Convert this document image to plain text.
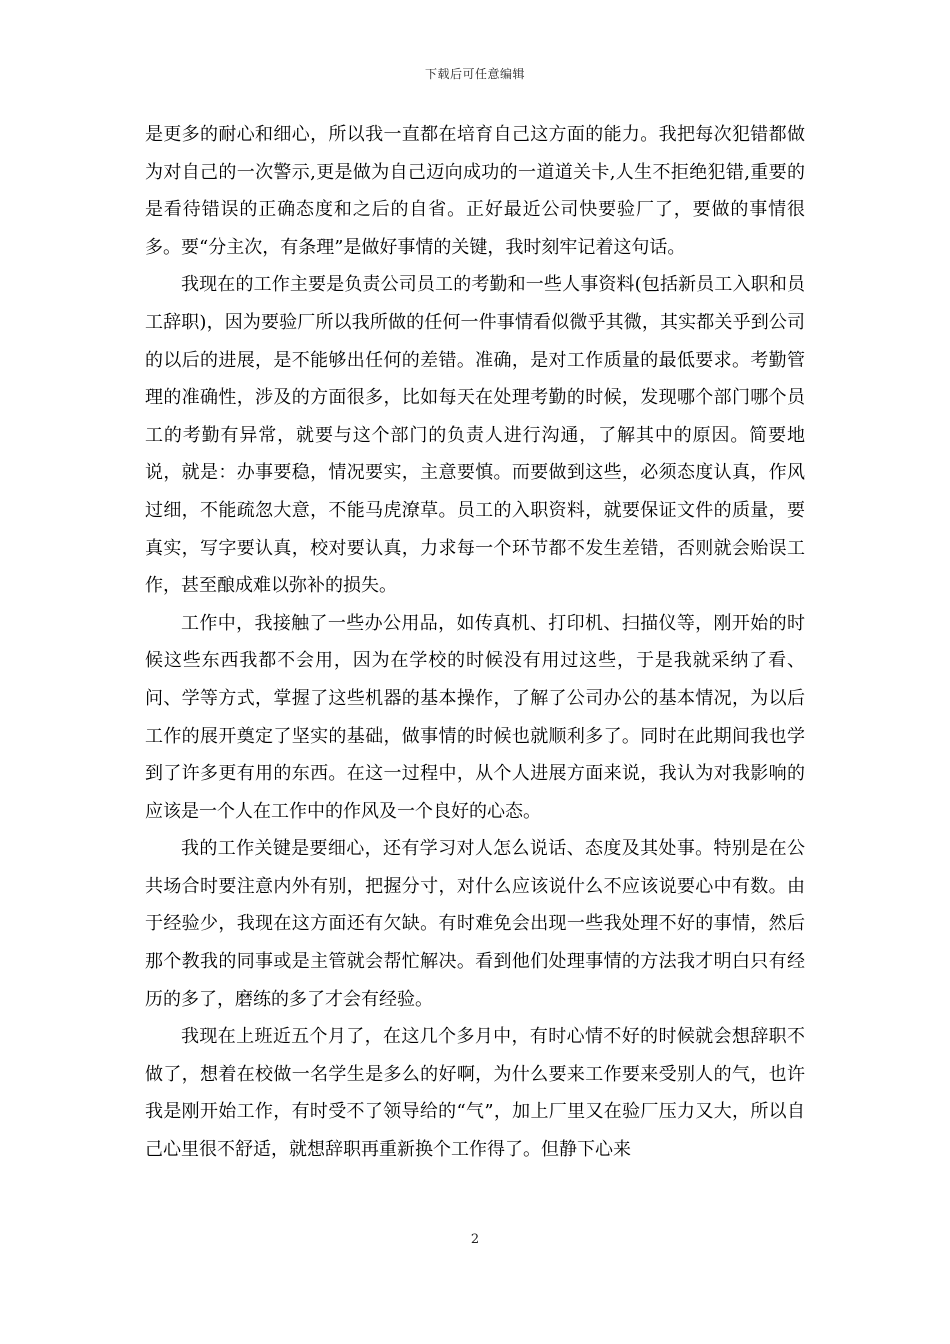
下载后可任意编辑

是更多的耐心和细心，所以我一直都在培育自己这方面的能力。我把每次犯错都做为对自己的一次警示,更是做为自己迈向成功的一道道关卡,人生不拒绝犯错,重要的是看待错误的正确态度和之后的自省。正好最近公司快要验厂了，要做的事情很多。要“分主次，有条理”是做好事情的关键，我时刻牢记着这句话。

我现在的工作主要是负责公司员工的考勤和一些人事资料(包括新员工入职和员工辞职)，因为要验厂所以我所做的任何一件事情看似微乎其微，其实都关乎到公司的以后的进展，是不能够出任何的差错。准确，是对工作质量的最低要求。考勤管理的准确性，涉及的方面很多，比如每天在处理考勤的时候，发现哪个部门哪个员工的考勤有异常，就要与这个部门的负责人进行沟通，了解其中的原因。简要地说，就是：办事要稳，情况要实，主意要慎。而要做到这些，必须态度认真，作风过细，不能疏忽大意，不能马虎潦草。员工的入职资料，就要保证文件的质量，要真实，写字要认真，校对要认真，力求每一个环节都不发生差错，否则就会贻误工作，甚至酿成难以弥补的损失。

工作中，我接触了一些办公用品，如传真机、打印机、扫描仪等，刚开始的时候这些东西我都不会用，因为在学校的时候没有用过这些，于是我就采纳了看、问、学等方式，掌握了这些机器的基本操作，了解了公司办公的基本情况，为以后工作的展开奠定了坚实的基础，做事情的时候也就顺利多了。同时在此期间我也学到了许多更有用的东西。在这一过程中，从个人进展方面来说，我认为对我影响的应该是一个人在工作中的作风及一个良好的心态。

我的工作关键是要细心，还有学习对人怎么说话、态度及其处事。特别是在公共场合时要注意内外有别，把握分寸，对什么应该说什么不应该说要心中有数。由于经验少，我现在这方面还有欠缺。有时难免会出现一些我处理不好的事情，然后那个教我的同事或是主管就会帮忙解决。看到他们处理事情的方法我才明白只有经历的多了，磨练的多了才会有经验。

我现在上班近五个月了，在这几个多月中，有时心情不好的时候就会想辞职不做了，想着在校做一名学生是多么的好啊，为什么要来工作要来受别人的气，也许我是刚开始工作，有时受不了领导给的“气”，加上厂里又在验厂压力又大，所以自己心里很不舒适，就想辞职再重新换个工作得了。但静下心来

2
